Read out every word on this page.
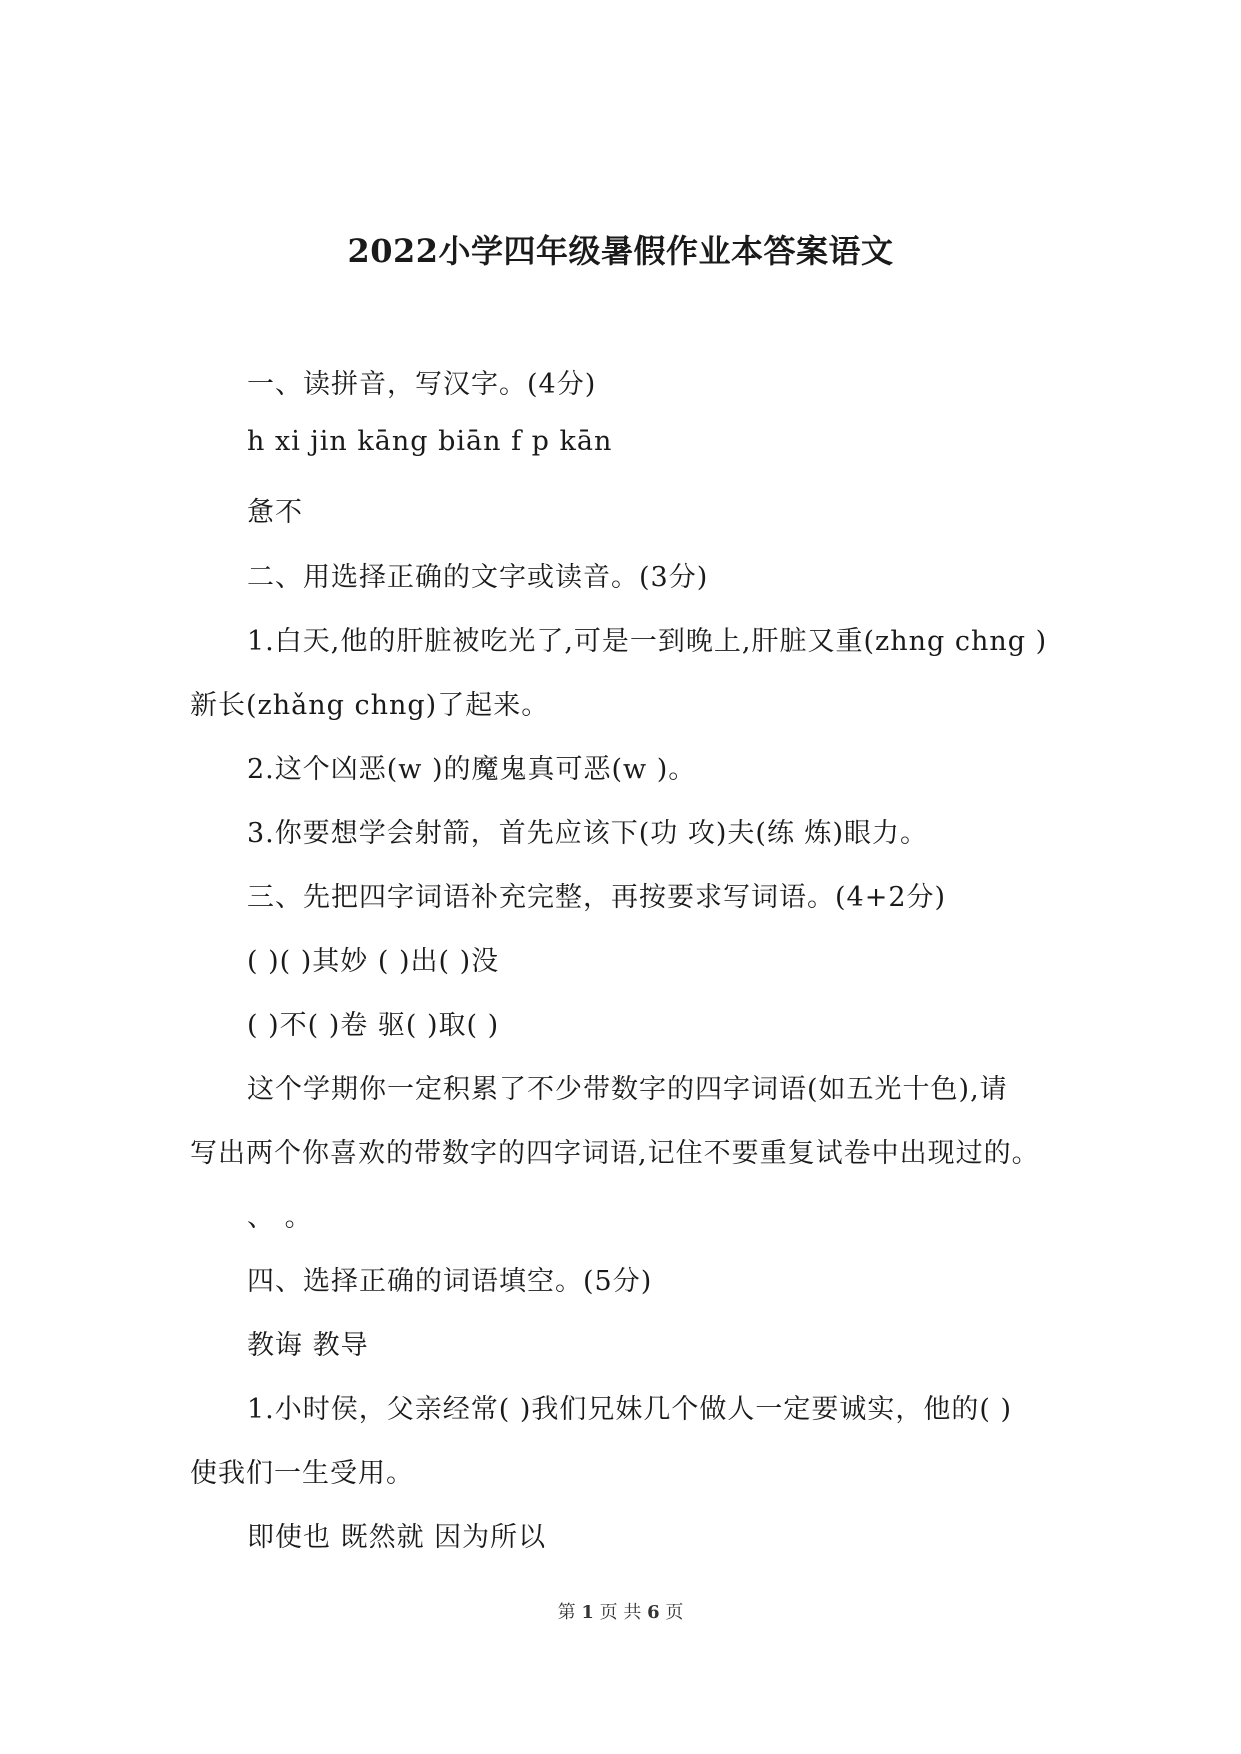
2022小学四年级暑假作业本答案语文
一、读拼音，写汉字。(4分)
h xi jin kāng biān f p kān
惫不
二、用选择正确的文字或读音。(3分)
1.白天,他的肝脏被吃光了,可是一到晚上,肝脏又重(zhng chng )
新长(zhǎng chng)了起来。
2.这个凶恶(w )的魔鬼真可恶(w )。
3.你要想学会射箭，首先应该下(功 攻)夫(练 炼)眼力。
三、先把四字词语补充完整，再按要求写词语。(4+2分)
( )( )其妙 ( )出( )没
( )不( )卷 驱( )取( )
这个学期你一定积累了不少带数字的四字词语(如五光十色),请
写出两个你喜欢的带数字的四字词语,记住不要重复试卷中出现过的。
、 。
四、选择正确的词语填空。(5分)
教诲 教导
1.小时侯，父亲经常( )我们兄妹几个做人一定要诚实，他的( )
使我们一生受用。
即使也 既然就 因为所以
第 1 页 共 6 页
